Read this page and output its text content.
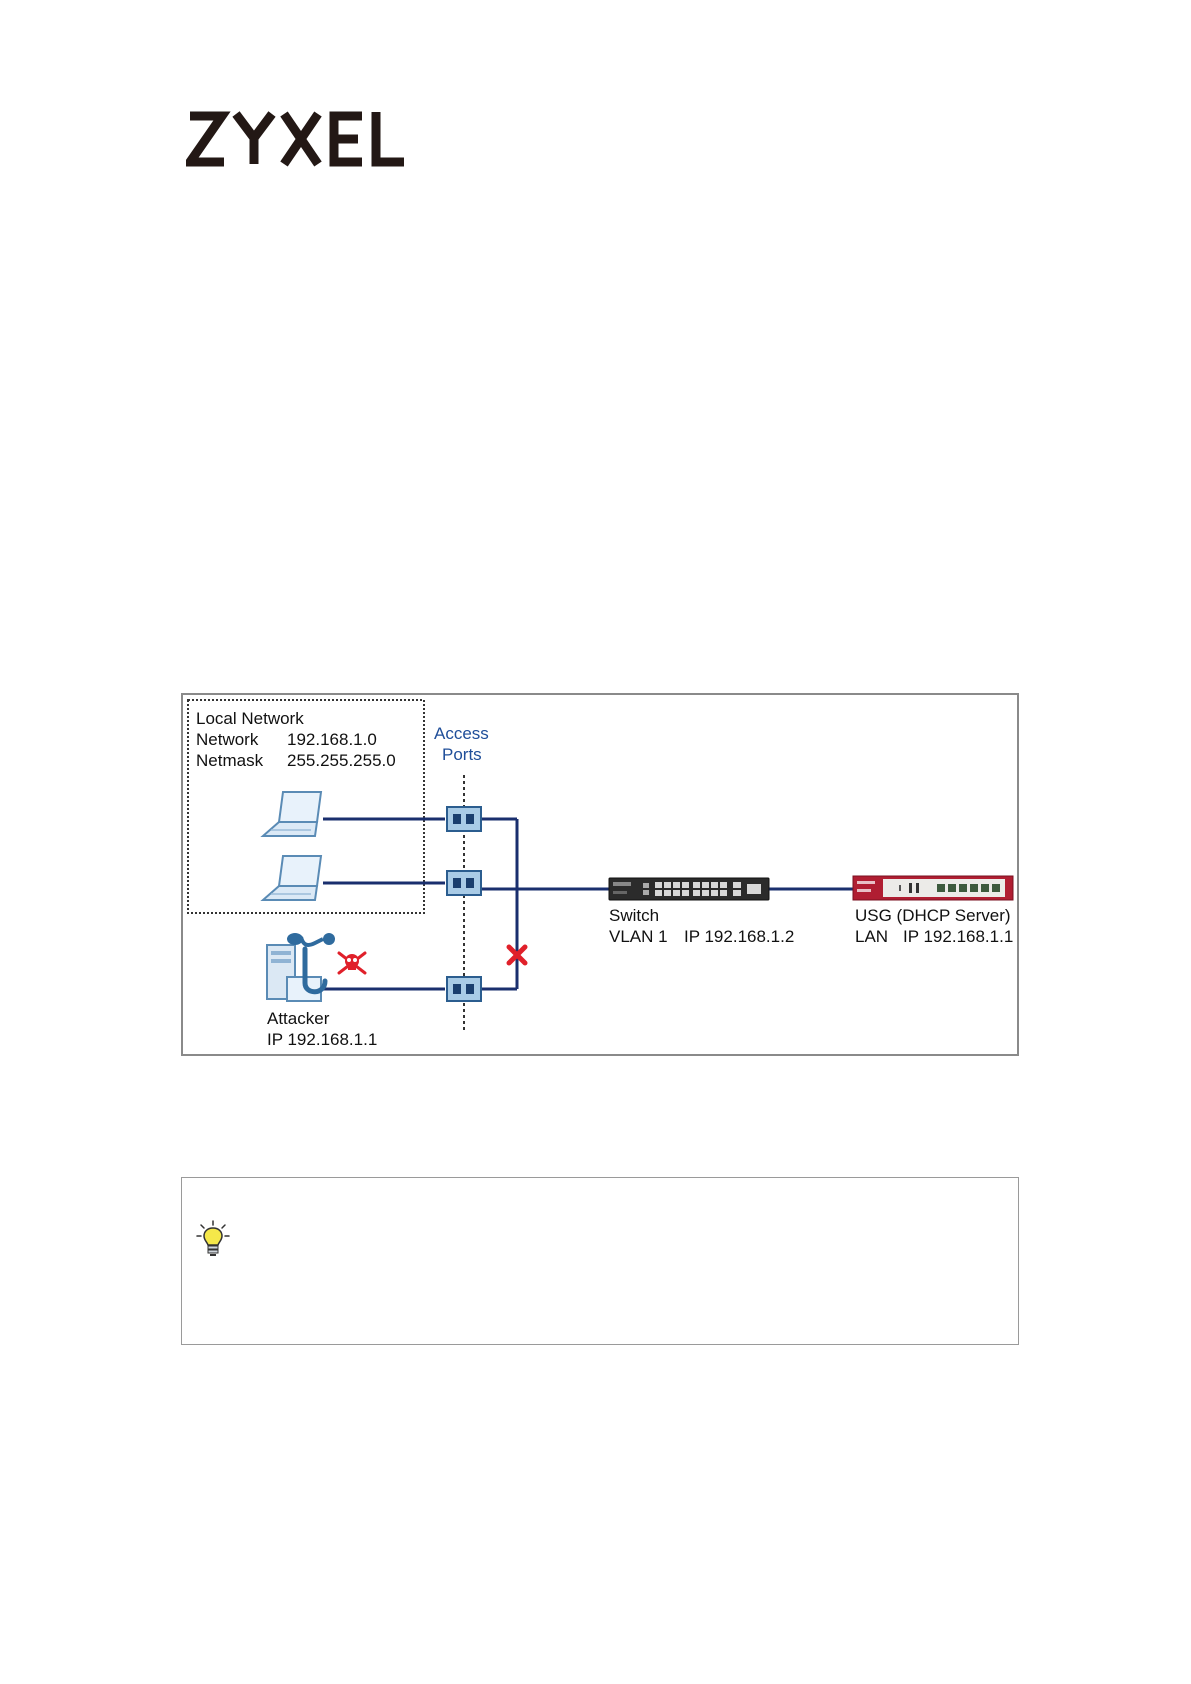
Local Network
Network 192.168.1.0
Netmask 255.255.255.0
Access
Ports
Switch
VLAN 1 IP 192.168.1.2
USG (DHCP Server)
LAN IP 192.168.1.1
Attacker
IP 192.168.1.1
